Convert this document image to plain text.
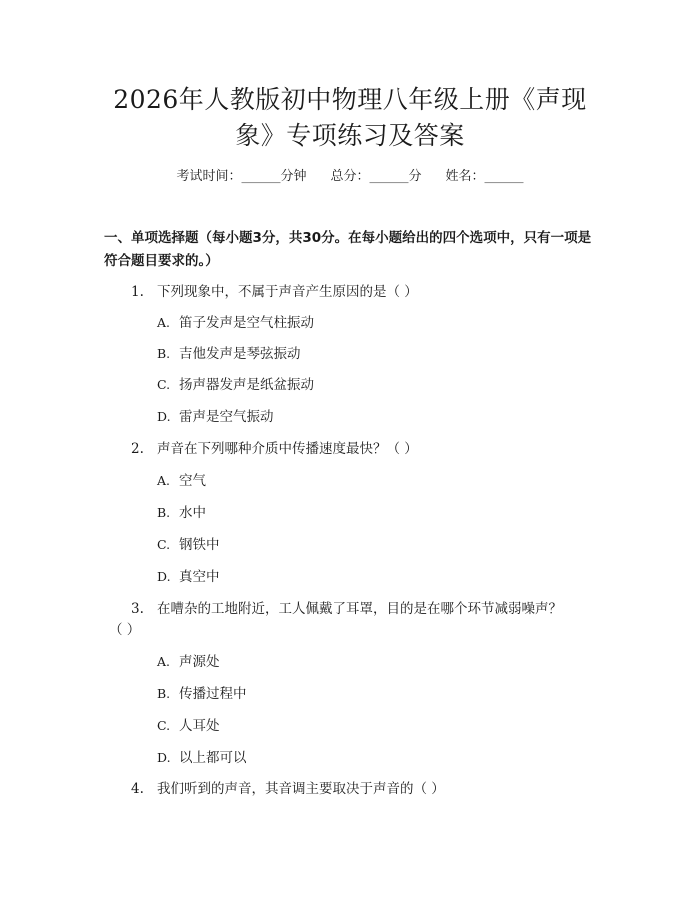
2026年人教版初中物理八年级上册《声现
象》专项练习及答案
考试时间：______分钟 总分：______分 姓名：______

一、单项选择题（每小题3分，共30分。在每小题给出的四个选项中，只有一项是符合题目要求的。）

1. 下列现象中，不属于声音产生原因的是（ ）
A. 笛子发声是空气柱振动
B. 吉他发声是琴弦振动
C. 扬声器发声是纸盆振动
D. 雷声是空气振动
2. 声音在下列哪种介质中传播速度最快？（ ）
A. 空气
B. 水中
C. 钢铁中
D. 真空中
3. 在嘈杂的工地附近，工人佩戴了耳罩，目的是在哪个环节减弱噪声？
（ ）
A. 声源处
B. 传播过程中
C. 人耳处
D. 以上都可以
4. 我们听到的声音，其音调主要取决于声音的（ ）
